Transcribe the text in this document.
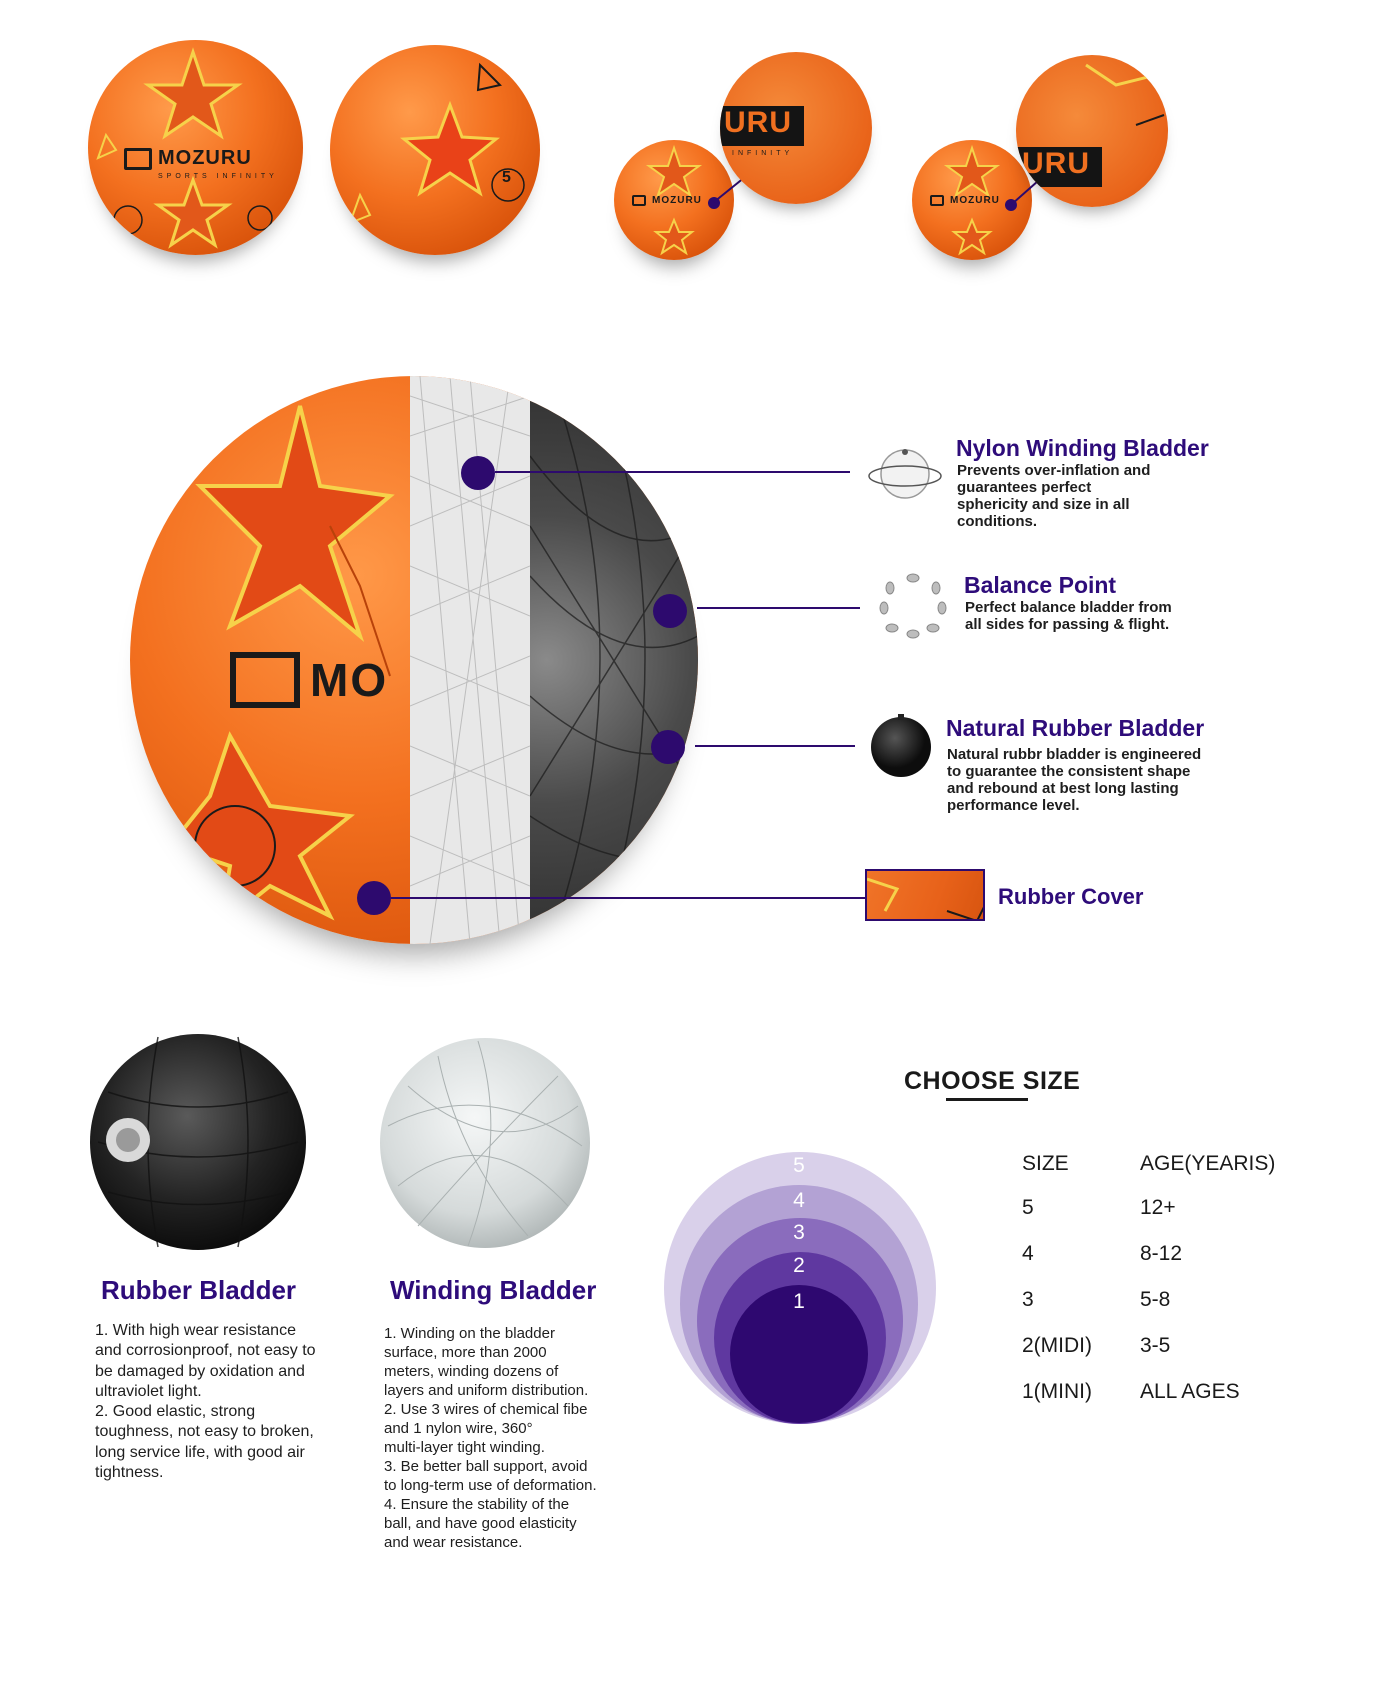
MOZURU
SPORTS INFINITY	5
MOZURU
URU
INFINITY
MOZURU
URU
MO
Nylon Winding Bladder
Prevents over-inflation and
guarantees perfect
sphericity and size in all
conditions.
Balance Point
Perfect balance bladder from
all sides for passing & flight.
Natural Rubber Bladder
Natural rubbr bladder is engineered
to guarantee the consistent shape
and rebound at best long lasting
performance level.
Rubber Cover
Rubber Bladder
1. With high wear resistance
and corrosionproof, not easy to
be damaged by oxidation and
ultraviolet light.
2. Good elastic, strong
toughness, not easy to broken,
long service life, with good air
tightness.
Winding Bladder
1. Winding on the bladder
surface, more than 2000
meters, winding dozens of
layers and uniform distribution.
2. Use 3 wires of chemical fibe
and 1 nylon wire, 360°
multi-layer tight winding.
3. Be better ball support, avoid
to long-term use of deformation.
4. Ensure the stability of the
ball, and have good elasticity
and wear resistance.
CHOOSE SIZE
5
4
3
2
1
SIZE	AGE(YEARIS)
5	12+
4	8-12
3	5-8
2(MIDI) 3-5
1(MINI) ALL AGES
